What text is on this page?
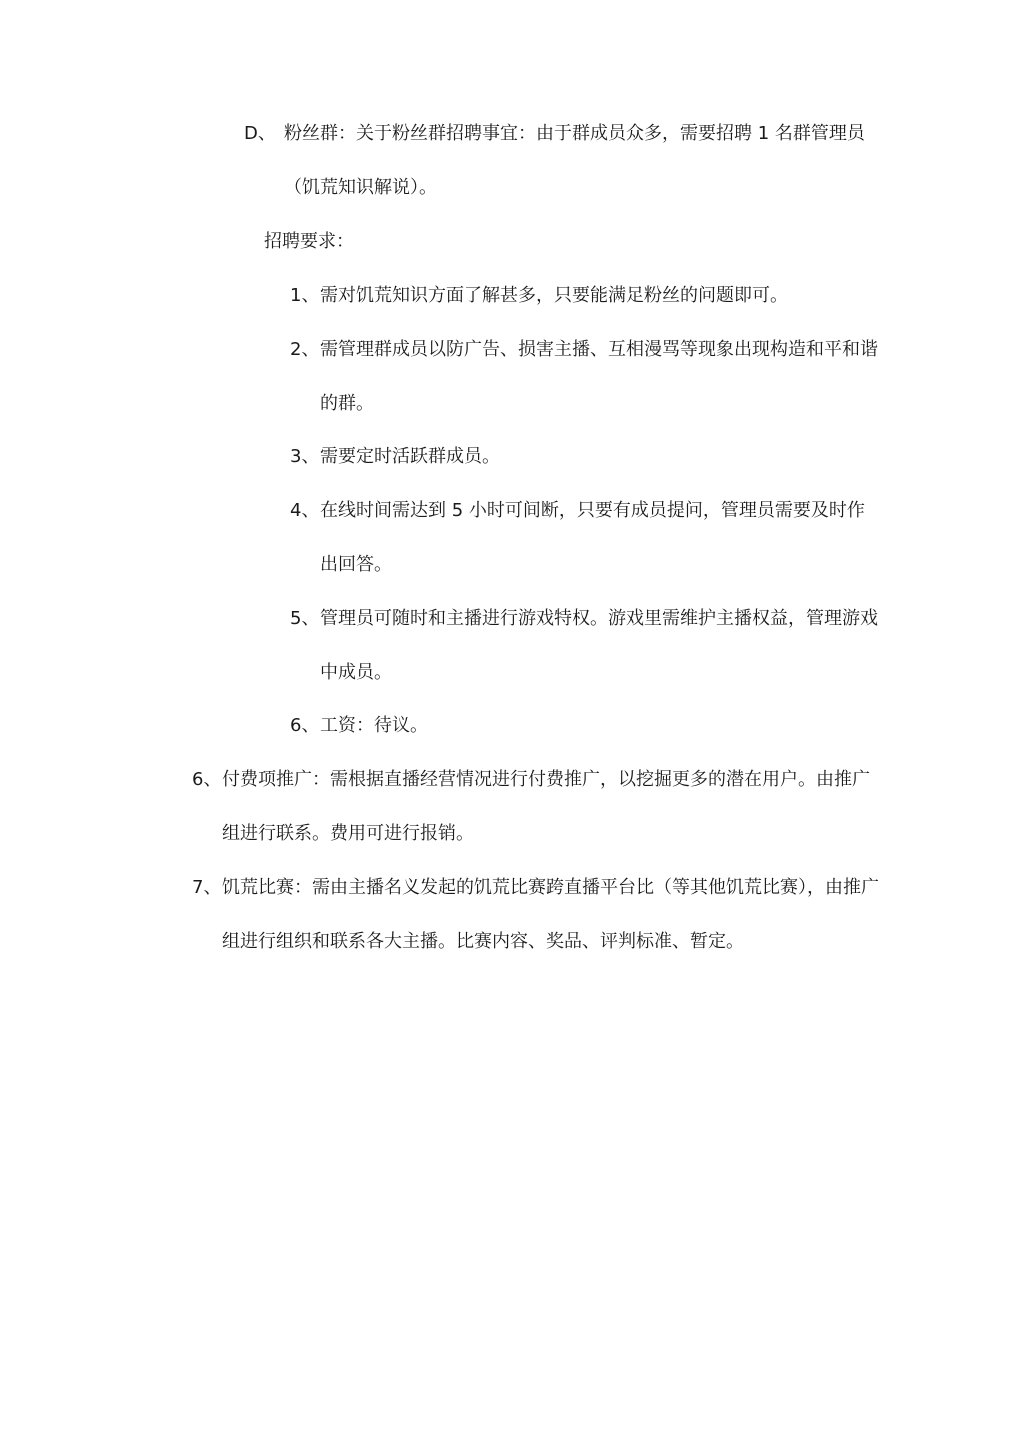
D、 粉丝群：关于粉丝群招聘事宜：由于群成员众多，需要招聘 1 名群管理员
（饥荒知识解说）。
招聘要求：
1、 需对饥荒知识方面了解甚多，只要能满足粉丝的问题即可。
2、 需管理群成员以防广告、损害主播、互相漫骂等现象出现构造和平和谐
的群。
3、 需要定时活跃群成员。
4、 在线时间需达到 5 小时可间断，只要有成员提问，管理员需要及时作
出回答。
5、 管理员可随时和主播进行游戏特权。游戏里需维护主播权益，管理游戏
中成员。
6、 工资：待议。
6、 付费项推广：需根据直播经营情况进行付费推广，以挖掘更多的潜在用户。由推广
组进行联系。费用可进行报销。
7、 饥荒比赛：需由主播名义发起的饥荒比赛跨直播平台比（等其他饥荒比赛），由推广
组进行组织和联系各大主播。比赛内容、奖品、评判标准、暂定。
